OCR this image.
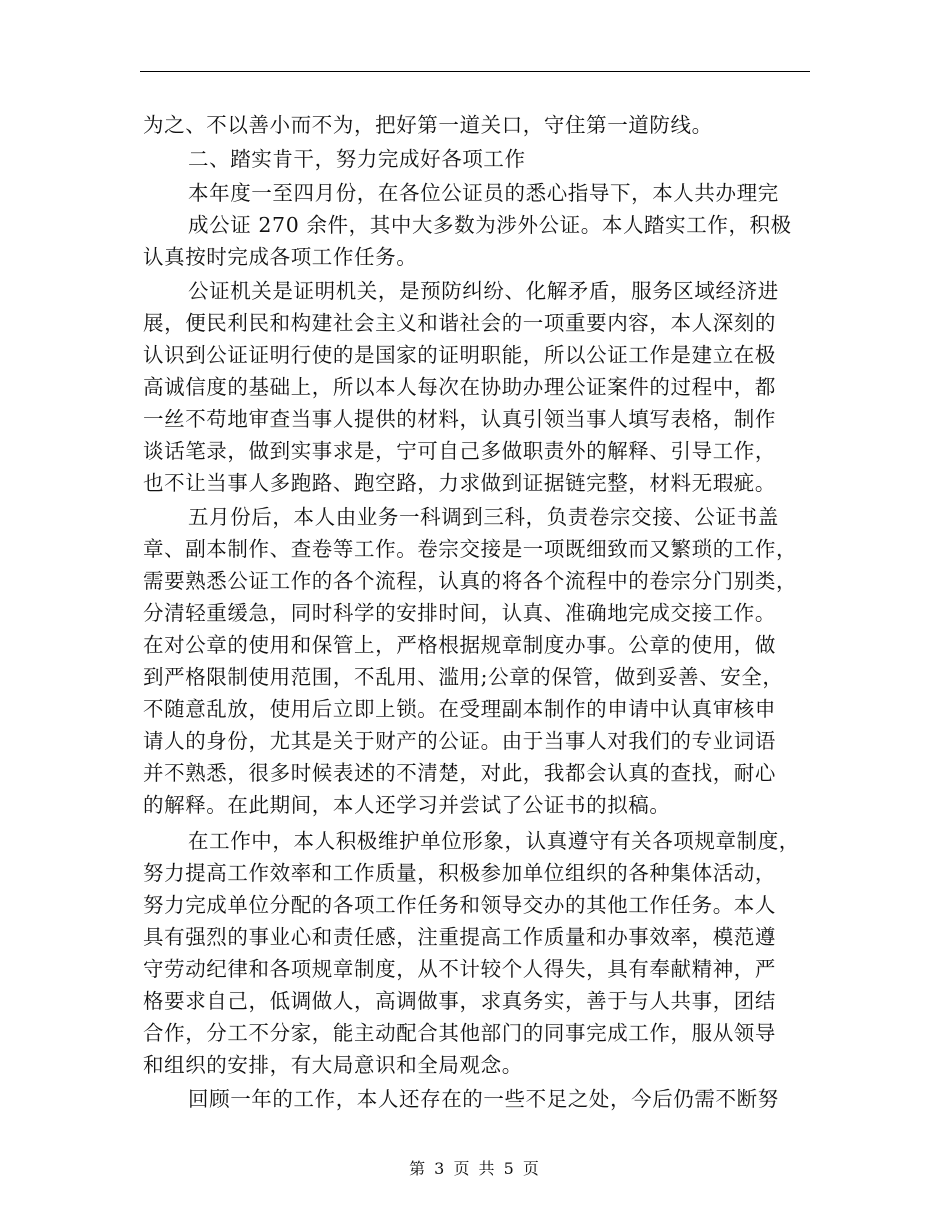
为之、不以善小而不为，把好第一道关口，守住第一道防线。
二、踏实肯干，努力完成好各项工作
本年度一至四月份，在各位公证员的悉心指导下，本人共办理完
成公证 270 余件，其中大多数为涉外公证。本人踏实工作，积极
认真按时完成各项工作任务。
公证机关是证明机关，是预防纠纷、化解矛盾，服务区域经济进
展，便民利民和构建社会主义和谐社会的一项重要内容，本人深刻的
认识到公证证明行使的是国家的证明职能，所以公证工作是建立在极
高诚信度的基础上，所以本人每次在协助办理公证案件的过程中，都
一丝不苟地审查当事人提供的材料，认真引领当事人填写表格，制作
谈话笔录，做到实事求是，宁可自己多做职责外的解释、引导工作，
也不让当事人多跑路、跑空路，力求做到证据链完整，材料无瑕疵。
五月份后，本人由业务一科调到三科，负责卷宗交接、公证书盖
章、副本制作、查卷等工作。卷宗交接是一项既细致而又繁琐的工作，
需要熟悉公证工作的各个流程，认真的将各个流程中的卷宗分门别类，
分清轻重缓急，同时科学的安排时间，认真、准确地完成交接工作。
在对公章的使用和保管上，严格根据规章制度办事。公章的使用，做
到严格限制使用范围，不乱用、滥用;公章的保管，做到妥善、安全，
不随意乱放，使用后立即上锁。在受理副本制作的申请中认真审核申
请人的身份，尤其是关于财产的公证。由于当事人对我们的专业词语
并不熟悉，很多时候表述的不清楚，对此，我都会认真的查找，耐心
的解释。在此期间，本人还学习并尝试了公证书的拟稿。
在工作中，本人积极维护单位形象，认真遵守有关各项规章制度，
努力提高工作效率和工作质量，积极参加单位组织的各种集体活动，
努力完成单位分配的各项工作任务和领导交办的其他工作任务。本人
具有强烈的事业心和责任感，注重提高工作质量和办事效率，模范遵
守劳动纪律和各项规章制度，从不计较个人得失，具有奉献精神，严
格要求自己，低调做人，高调做事，求真务实，善于与人共事，团结
合作，分工不分家，能主动配合其他部门的同事完成工作，服从领导
和组织的安排，有大局意识和全局观念。
回顾一年的工作，本人还存在的一些不足之处，今后仍需不断努
第 3 页 共 5 页
